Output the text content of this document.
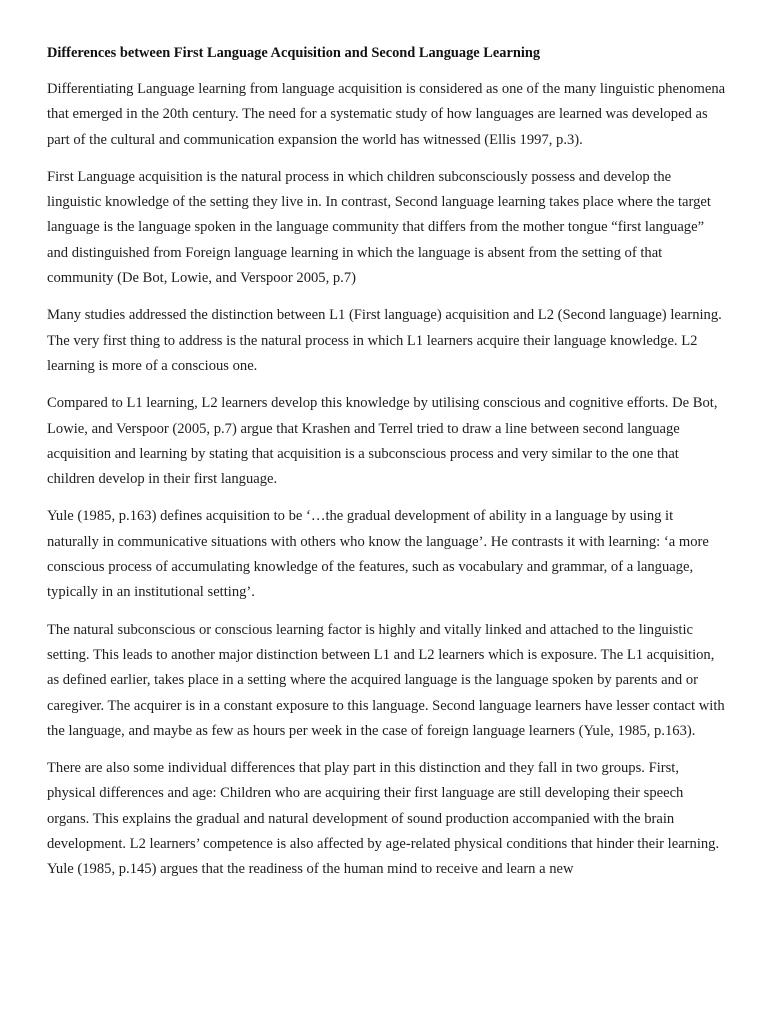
Differences between First Language Acquisition and Second Language Learning

Differentiating Language learning from language acquisition is considered as one of the many linguistic phenomena that emerged in the 20th century. The need for a systematic study of how languages are learned was developed as part of the cultural and communication expansion the world has witnessed (Ellis 1997, p.3).

First Language acquisition is the natural process in which children subconsciously possess and develop the linguistic knowledge of the setting they live in. In contrast, Second language learning takes place where the target language is the language spoken in the language community that differs from the mother tongue “first language” and distinguished from Foreign language learning in which the language is absent from the setting of that community (De Bot, Lowie, and Verspoor 2005, p.7)

Many studies addressed the distinction between L1 (First language) acquisition and L2 (Second language) learning. The very first thing to address is the natural process in which L1 learners acquire their language knowledge. L2 learning is more of a conscious one.

Compared to L1 learning, L2 learners develop this knowledge by utilising conscious and cognitive efforts. De Bot, Lowie, and Verspoor (2005, p.7) argue that Krashen and Terrel tried to draw a line between second language acquisition and learning by stating that acquisition is a subconscious process and very similar to the one that children develop in their first language.

Yule (1985, p.163) defines acquisition to be ‘…the gradual development of ability in a language by using it naturally in communicative situations with others who know the language’. He contrasts it with learning: ‘a more conscious process of accumulating knowledge of the features, such as vocabulary and grammar, of a language, typically in an institutional setting’.

The natural subconscious or conscious learning factor is highly and vitally linked and attached to the linguistic setting. This leads to another major distinction between L1 and L2 learners which is exposure. The L1 acquisition, as defined earlier, takes place in a setting where the acquired language is the language spoken by parents and or caregiver. The acquirer is in a constant exposure to this language. Second language learners have lesser contact with the language, and maybe as few as hours per week in the case of foreign language learners (Yule, 1985, p.163).

There are also some individual differences that play part in this distinction and they fall in two groups. First, physical differences and age: Children who are acquiring their first language are still developing their speech organs. This explains the gradual and natural development of sound production accompanied with the brain development. L2 learners’ competence is also affected by age-related physical conditions that hinder their learning. Yule (1985, p.145) argues that the readiness of the human mind to receive and learn a new
